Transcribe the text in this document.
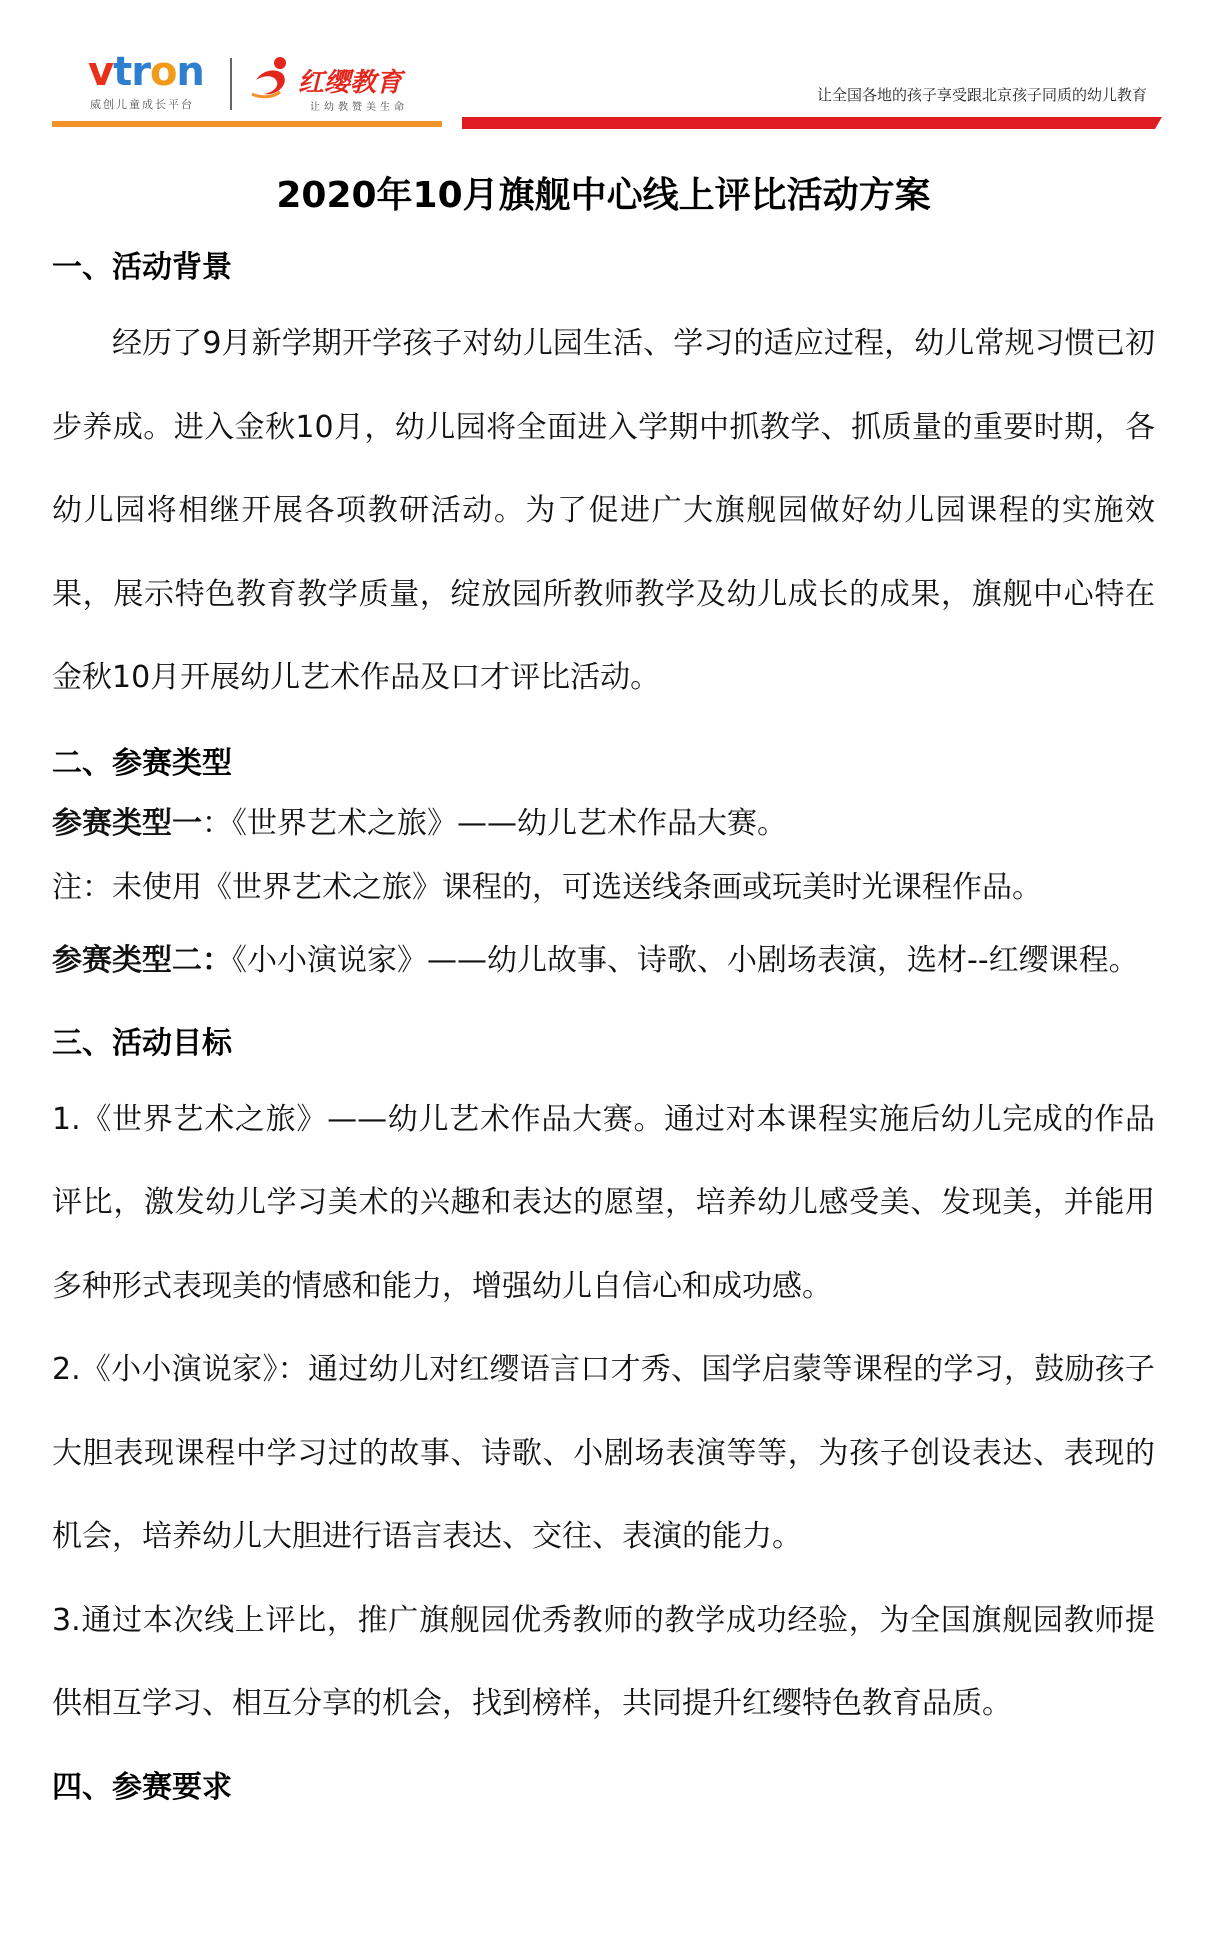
vtron
威创儿童成长平台
红缨教育
让幼教赞美生命
让全国各地的孩子享受跟北京孩子同质的幼儿教育
2020年10月旗舰中心线上评比活动方案
一、活动背景

经历了9月新学期开学孩子对幼儿园生活、学习的适应过程，幼儿常规习惯已初步养成。进入金秋10月，幼儿园将全面进入学期中抓教学、抓质量的重要时期，各幼儿园将相继开展各项教研活动。为了促进广大旗舰园做好幼儿园课程的实施效果，展示特色教育教学质量，绽放园所教师教学及幼儿成长的成果，旗舰中心特在金秋10月开展幼儿艺术作品及口才评比活动。

二、参赛类型
参赛类型一：《世界艺术之旅》——幼儿艺术作品大赛。
注：未使用《世界艺术之旅》课程的，可选送线条画或玩美时光课程作品。

参赛类型二：《小小演说家》——幼儿故事、诗歌、小剧场表演，选材--红缨课程。

三、活动目标

1.《世界艺术之旅》——幼儿艺术作品大赛。通过对本课程实施后幼儿完成的作品评比，激发幼儿学习美术的兴趣和表达的愿望，培养幼儿感受美、发现美，并能用多种形式表现美的情感和能力，增强幼儿自信心和成功感。

2.《小小演说家》：通过幼儿对红缨语言口才秀、国学启蒙等课程的学习，鼓励孩子大胆表现课程中学习过的故事、诗歌、小剧场表演等等，为孩子创设表达、表现的机会，培养幼儿大胆进行语言表达、交往、表演的能力。

3.通过本次线上评比，推广旗舰园优秀教师的教学成功经验，为全国旗舰园教师提供相互学习、相互分享的机会，找到榜样，共同提升红缨特色教育品质。

四、参赛要求
